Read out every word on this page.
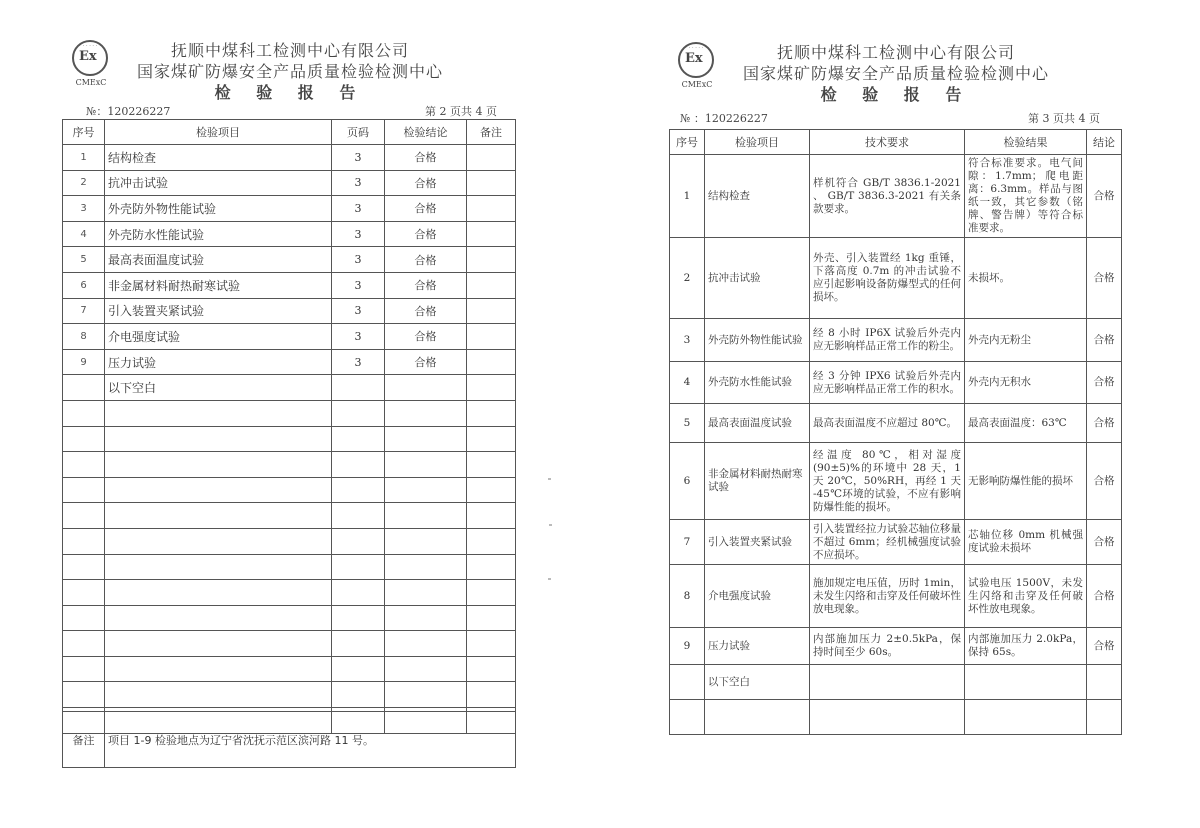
· · · · ·
Ex
CMExC
抚顺中煤科工检测中心有限公司
国家煤矿防爆安全产品质量检验检测中心
检 验 报 告
№：120226227	第 2 页共 4 页
序号	检验项目	页码	检验结论	备注
1	结构检查	3	合格	
2	抗冲击试验	3	合格	
3	外壳防外物性能试验	3	合格	
4	外壳防水性能试验	3	合格	
5	最高表面温度试验	3	合格	
6	非金属材料耐热耐寒试验	3	合格	
7	引入装置夹紧试验	3	合格	
8	介电强度试验	3	合格	
9	压力试验	3	合格	
	以下空白			

备注	项目 1-9 检验地点为辽宁省沈抚示范区滨河路 11 号。
· · · · ·
Ex
CMExC
抚顺中煤科工检测中心有限公司
国家煤矿防爆安全产品质量检验检测中心
检 验 报 告
№ ：120226227	第 3 页共 4 页
序号	检验项目	技术要求	检验结果	结论
1	结构检查	样机符合 GB/T 3836.1-2021 、 GB/T 3836.3-2021 有关条款要求。	符合标准要求。电气间隙：1.7mm；爬电距离：6.3mm。样品与图纸一致，其它参数（铭牌、警告牌）等符合标准要求。	合格
2	抗冲击试验	外壳、引入装置经 1kg 重锤，下落高度 0.7m 的冲击试验不应引起影响设备防爆型式的任何损坏。	未损坏。	合格
3	外壳防外物性能试验	经 8 小时 IP6X 试验后外壳内应无影响样品正常工作的粉尘。	外壳内无粉尘	合格
4	外壳防水性能试验	经 3 分钟 IPX6 试验后外壳内应无影响样品正常工作的积水。	外壳内无积水	合格
5	最高表面温度试验	最高表面温度不应超过 80℃。	最高表面温度：63℃	合格
6	非金属材料耐热耐寒试验	经温度 80℃，相对湿度(90±5)%的环境中 28 天，1 天 20℃，50%RH，再经 1 天 -45℃环境的试验，不应有影响防爆性能的损坏。	无影响防爆性能的损坏	合格
7	引入装置夹紧试验	引入装置经拉力试验芯轴位移量不超过 6mm；经机械强度试验不应损坏。	芯轴位移 0mm 机械强度试验未损坏	合格
8	介电强度试验	施加规定电压值，历时 1min，未发生闪络和击穿及任何破坏性放电现象。	试验电压 1500V，未发生闪络和击穿及任何破坏性放电现象。	合格
9	压力试验	内部施加压力 2±0.5kPa，保持时间至少 60s。	内部施加压力 2.0kPa，保持 65s。	合格
	以下空白			
